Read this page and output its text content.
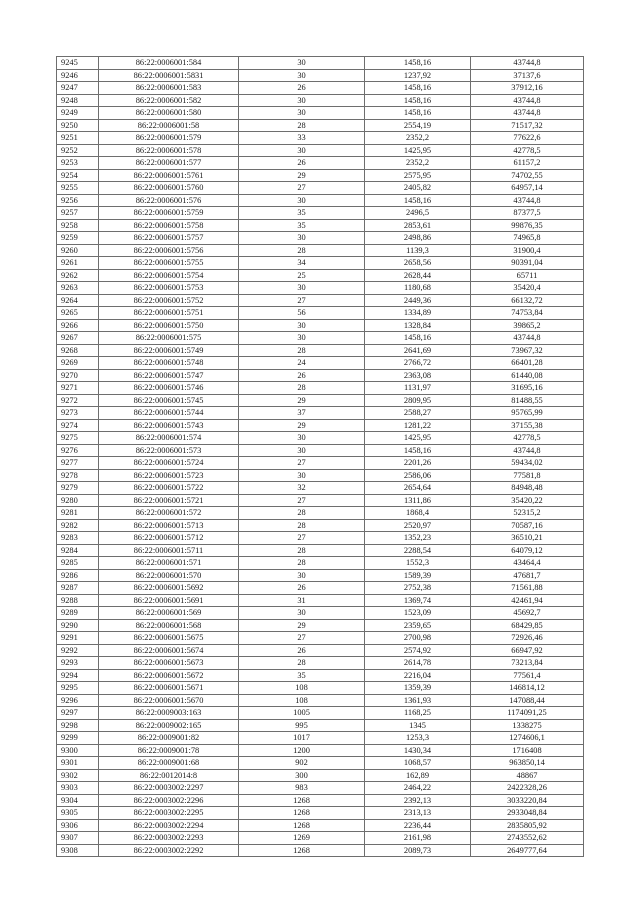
9245	86:22:0006001:584	30	1458,16	43744,8
9246	86:22:0006001:5831	30	1237,92	37137,6
9247	86:22:0006001:583	26	1458,16	37912,16
9248	86:22:0006001:582	30	1458,16	43744,8
9249	86:22:0006001:580	30	1458,16	43744,8
9250	86:22:0006001:58	28	2554,19	71517,32
9251	86:22:0006001:579	33	2352,2	77622,6
9252	86:22:0006001:578	30	1425,95	42778,5
9253	86:22:0006001:577	26	2352,2	61157,2
9254	86:22:0006001:5761	29	2575,95	74702,55
9255	86:22:0006001:5760	27	2405,82	64957,14
9256	86:22:0006001:576	30	1458,16	43744,8
9257	86:22:0006001:5759	35	2496,5	87377,5
9258	86:22:0006001:5758	35	2853,61	99876,35
9259	86:22:0006001:5757	30	2498,86	74965,8
9260	86:22:0006001:5756	28	1139,3	31900,4
9261	86:22:0006001:5755	34	2658,56	90391,04
9262	86:22:0006001:5754	25	2628,44	65711
9263	86:22:0006001:5753	30	1180,68	35420,4
9264	86:22:0006001:5752	27	2449,36	66132,72
9265	86:22:0006001:5751	56	1334,89	74753,84
9266	86:22:0006001:5750	30	1328,84	39865,2
9267	86:22:0006001:575	30	1458,16	43744,8
9268	86:22:0006001:5749	28	2641,69	73967,32
9269	86:22:0006001:5748	24	2766,72	66401,28
9270	86:22:0006001:5747	26	2363,08	61440,08
9271	86:22:0006001:5746	28	1131,97	31695,16
9272	86:22:0006001:5745	29	2809,95	81488,55
9273	86:22:0006001:5744	37	2588,27	95765,99
9274	86:22:0006001:5743	29	1281,22	37155,38
9275	86:22:0006001:574	30	1425,95	42778,5
9276	86:22:0006001:573	30	1458,16	43744,8
9277	86:22:0006001:5724	27	2201,26	59434,02
9278	86:22:0006001:5723	30	2586,06	77581,8
9279	86:22:0006001:5722	32	2654,64	84948,48
9280	86:22:0006001:5721	27	1311,86	35420,22
9281	86:22:0006001:572	28	1868,4	52315,2
9282	86:22:0006001:5713	28	2520,97	70587,16
9283	86:22:0006001:5712	27	1352,23	36510,21
9284	86:22:0006001:5711	28	2288,54	64079,12
9285	86:22:0006001:571	28	1552,3	43464,4
9286	86:22:0006001:570	30	1589,39	47681,7
9287	86:22:0006001:5692	26	2752,38	71561,88
9288	86:22:0006001:5691	31	1369,74	42461,94
9289	86:22:0006001:569	30	1523,09	45692,7
9290	86:22:0006001:568	29	2359,65	68429,85
9291	86:22:0006001:5675	27	2700,98	72926,46
9292	86:22:0006001:5674	26	2574,92	66947,92
9293	86:22:0006001:5673	28	2614,78	73213,84
9294	86:22:0006001:5672	35	2216,04	77561,4
9295	86:22:0006001:5671	108	1359,39	146814,12
9296	86:22:0006001:5670	108	1361,93	147088,44
9297	86:22:0009003:163	1005	1168,25	1174091,25
9298	86:22:0009002:165	995	1345	1338275
9299	86:22:0009001:82	1017	1253,3	1274606,1
9300	86:22:0009001:78	1200	1430,34	1716408
9301	86:22:0009001:68	902	1068,57	963850,14
9302	86:22:0012014:8	300	162,89	48867
9303	86:22:0003002:2297	983	2464,22	2422328,26
9304	86:22:0003002:2296	1268	2392,13	3033220,84
9305	86:22:0003002:2295	1268	2313,13	2933048,84
9306	86:22:0003002:2294	1268	2236,44	2835805,92
9307	86:22:0003002:2293	1269	2161,98	2743552,62
9308	86:22:0003002:2292	1268	2089,73	2649777,64
